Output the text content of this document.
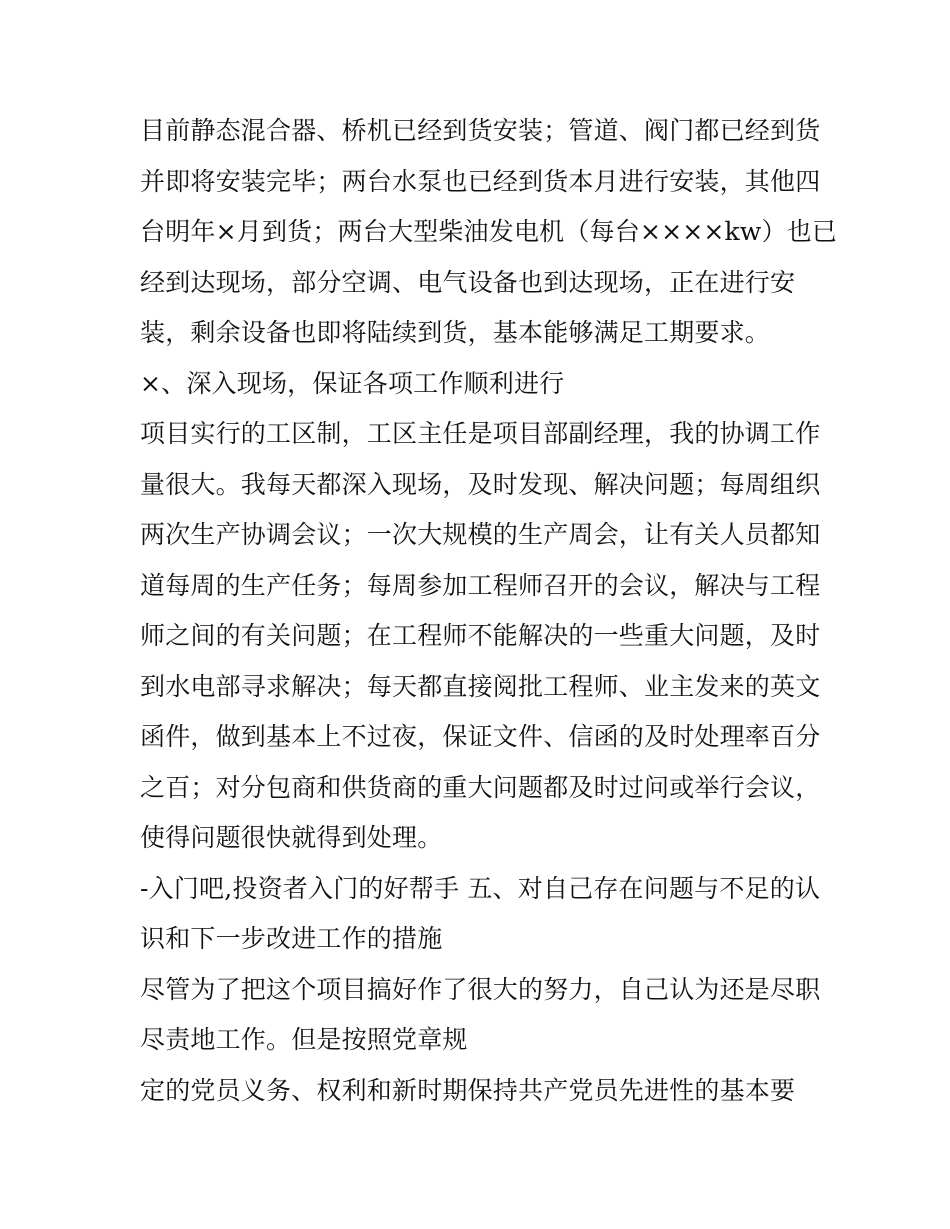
目前静态混合器、桥机已经到货安装；管道、阀门都已经到货
并即将安装完毕；两台水泵也已经到货本月进行安装，其他四
台明年×月到货；两台大型柴油发电机（每台××××kw）也已
经到达现场，部分空调、电气设备也到达现场，正在进行安
装，剩余设备也即将陆续到货，基本能够满足工期要求。
×、深入现场，保证各项工作顺利进行
项目实行的工区制，工区主任是项目部副经理，我的协调工作
量很大。我每天都深入现场，及时发现、解决问题；每周组织
两次生产协调会议；一次大规模的生产周会，让有关人员都知
道每周的生产任务；每周参加工程师召开的会议，解决与工程
师之间的有关问题；在工程师不能解决的一些重大问题，及时
到水电部寻求解决；每天都直接阅批工程师、业主发来的英文
函件，做到基本上不过夜，保证文件、信函的及时处理率百分
之百；对分包商和供货商的重大问题都及时过问或举行会议，
使得问题很快就得到处理。
-入门吧,投资者入门的好帮手 五、对自己存在问题与不足的认
识和下一步改进工作的措施
尽管为了把这个项目搞好作了很大的努力，自己认为还是尽职
尽责地工作。但是按照党章规
定的党员义务、权利和新时期保持共产党员先进性的基本要
